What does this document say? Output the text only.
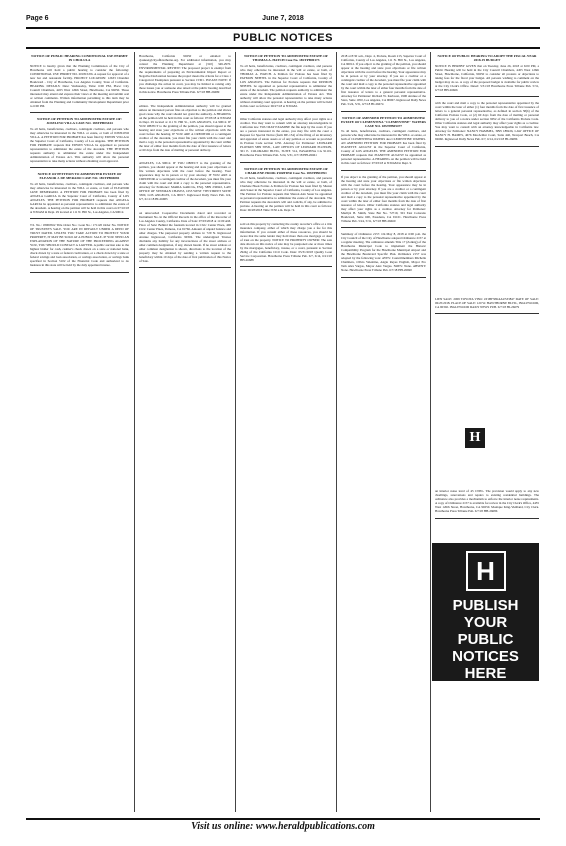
Page 6	June 7, 2018
PUBLIC NOTICES

NOTICE OF PUBLIC HEARING CONDITIONAL USE PERMIT IN CHOLULA

NOTICE is hereby given that the Planning Commission of the City of Hawthorne will hold a public hearing to consider the following: CONDITIONAL USE PERMIT NO. 2018CU06. A request for approval of a new bar and restaurant facility. PROJECT LOCATION: 12633 Chandler Boulevard - City of Hawthorne, Los Angeles County, State of California. HEARING DETAILS: Date: Wednesday, Time: 6:00 PM, Place: City Council Chambers, 4455 West 126th Street, Hawthorne, CA 90250. Those interested may attend and express their views at the meeting and submit oral or written comments. Written information pertaining to this item may be obtained from the Planning and Community Development Department prior to 6:00 PM.

NOTICE OF PETITION TO ADMINISTER ESTATE OF: JOSELINO VILLA CASE NO. 18STPB03444

To all heirs, beneficiaries, creditors, contingent creditors, and persons who may otherwise be interested in the WILL or estate, or both of JOSELINO VILLA. A PETITION FOR PROBATE has been filed by EDWIN VILLA in the Superior Court of California, County of Los Angeles. THE PETITION FOR PROBATE requests that EDWIN VILLA be appointed as personal representative to administer the estate of the decedent. THE PETITION requests authority to administer the estate under the Independent Administration of Estates Act. This authority will allow the personal representative to take many actions without obtaining court approval.

NOTICE OF PETITION TO ADMINISTER ESTATE OF ELEANOR J. DE MERADO CASE NO. 18STPB04081

To all heirs, beneficiaries, creditors, contingent creditors, and persons who may otherwise be interested in the WILL or estate, or both of ELEANOR JANE DEMERADO. A PETITION FOR PROBATE has been filed by ANGELA GARCIA in the Superior Court of California, County of LOS ANGELES. THE PETITION FOR PROBATE requests that ANGELA GARCIA be appointed as personal representative to administer the estate of the decedent. A hearing on the petition will be held in this court on 07/10/18 at 8:30AM in Dept. 29 located at 111 N. Hill St., Los Angeles, CA 90012.

T.S. No.: 18000562 Title Order No.: Loan No.: 171120 Order No. NOTICE OF TRUSTEE'S SALE. YOU ARE IN DEFAULT UNDER A DEED OF TRUST DATED. UNLESS YOU TAKE ACTION TO PROTECT YOUR PROPERTY, IT MAY BE SOLD AT A PUBLIC SALE. IF YOU NEED AN EXPLANATION OF THE NATURE OF THE PROCEEDING AGAINST YOU, YOU SHOULD CONTACT A LAWYER. A public auction sale to the highest bidder for cash, cashier's check drawn on a state or national bank, check drawn by a state or federal credit union, or a check drawn by a state or federal savings and loan association, or savings association, or savings bank specified in Section 5102 of the Financial Code and authorized to do business in this state will be held by the duly appointed trustee.

Hawthorne, California 90250 or emailed to cjaskeet@cityofhawthorne.org. For additional information, you may contact the Planning Department at (310) 349-2970. ENVIRONMENTAL REVIEW: The proposed project is exempt from the requirements of preparing an Environmental Impact Report or Negative Declaration because the project meets the criteria for a Class 1 Categorical Exemption pursuant to Section 15301. PLEASE NOTE: If you challenge the action in court, you may be limited to raising only those issues you or someone else raised at the public hearing described in this notice. Hawthorne Press Tribune Pub. 6/7/18 HH-26689

edition. The Independent Administration authority will be granted unless an interested person files an objection to the petition and shows good cause why the court should not grant the authority. A HEARING on the petition will be held in this court as follows: 07/03/18 at 8:30AM in Dept. 29 located at 111 N. Hill St., LOS ANGELES, CA 90012. IF YOU OBJECT to the granting of the petition, you should appear at the hearing and state your objections or file written objections with the court before the hearing. IF YOU ARE A CREDITOR or a contingent creditor of the decedent, you must file your claim with the court and mail a copy to the personal representative appointed by the court within the later of either four months from the date of first issuance of letters or 60 days from the date of mailing or personal delivery.

ANGELES, CA 90012. IF YOU OBJECT to the granting of the petition, you should appear at the hearing and state your objections or file written objections with the court before the hearing. Your appearance may be in person or by your attorney. IF YOU ARE A CREDITOR or a contingent creditor of the decedent, you must file your claim with the court and mail a copy to the personal representative. Attorney for Petitioner: MARIA GARCIA, ESQ. SBN 236922, LAW OFFICE OF STEEMAN CHAVEZ, 1055 WEST 7TH STREET SUITE 3300, LOS ANGELES, CA 90017. Inglewood Daily News Pub. 6/4, 6/7, 6/11/18 HI-26683

on unrecorded Cooperative Documents dated and recorded as Instrument No. in the Official Records in the office of the Recorder of Los Angeles County, California. Date of Sale: 07/03/2018 at 11:00 AM. Place of Sale: Behind the fountain located in Civic Center Plaza, 400 Civic Center Plaza, Pomona, CA 91766. Amount of unpaid balance and other charges. The purported property address is: 729 N. Inglewood Avenue Inglewood, California 90302. The undersigned Trustee disclaims any liability for any incorrectness of the street address or other common designation, if any, shown herein. If no street address or other common designation is shown, directions to the location of the property may be obtained by sending a written request to the beneficiary within 10 days of the date of first publication of this Notice of Sale.

NOTICE OF PETITION TO ADMINISTER ESTATE OF THOMAS A. HATCH Case No. 18STPB00173

To all heirs, beneficiaries, creditors, contingent creditors, and persons who may otherwise be interested in the will or estate, or both, of THOMAS A. HATCH. A Petition for Probate has been filed by PAYMON NEBTEL in the Superior Court of California, County of LOS ANGELES. The Petition for Probate requests that PAYMON NEBTEL be appointed as personal representative to administer the estate of the decedent. The petition requests authority to administer the estate under the Independent Administration of Estates Act. This authority will allow the personal representative to take many actions without obtaining court approval. A hearing on the petition will be held in this court as follows: 06/27/18 at 8:30AM.

Other California statutes and legal authority may affect your rights as a creditor. You may want to consult with an attorney knowledgeable in California law. YOU MAY EXAMINE the file kept by the court. If you are a person interested in the estate, you may file with the court a Request for Special Notice (form DE-154) of the filing of an inventory and appraisal of estate assets or of any petition or account as provided in Probate Code section 1250. Attorney for Petitioner: LEONARD PLOTKIN SBN 58531, LAW OFFICES OF LEONARD PLOTKIN, 301 E. COLORADO BLVD., SUITE 514, PASADENA CA 91101. Hawthorne Press Tribune Pub. 5/24, 5/31, 6/7/18 HH-26661

NOTICE OF PETITION TO ADMINISTER ESTATE OF CHARLENE HOOK FORTIER Case No. 18STPB04761

To all heirs, beneficiaries, creditors, contingent creditors, and persons who may otherwise be interested in the will or estate, or both, of Charlene Hook Fortier. A Petition for Probate has been filed by Sharon Ann Sauer in the Superior Court of California, County of Los Angeles. The Petition for Probate requests that Sharon Ann Sauer be appointed as personal representative to administer the estate of the decedent. The Petition requests the decedent's will and codicils, if any, be admitted to probate. A hearing on the petition will be held in this court as follows: Date: 06/28/2018 Time: 8:30 a.m. Dept.: 9.

sold on this property by contacting the county recorder's office or a title insurance company, either of which may charge you a fee for this information. If you consult either of these resources, you should be aware that the same lender may hold more than one mortgage or deed of trust on the property. NOTICE TO PROPERTY OWNER: The sale date shown on this notice of sale may be postponed one or more times by the mortgagee, beneficiary, trustee, or a court, pursuant to Section 2924g of the California Civil Code. Date: 05/31/2018 Quality Loan Service Corporation. Hawthorne Press Tribune Pub. 6/7, 6/14, 6/21/18 HH-26688

2018 at 8:30 a.m., Dept. 4, Probate, Room 213, Superior Court of California, County of Los Angeles, 111 N. Hill St., Los Angeles, CA 90012. If you object to the granting of the petition, you should appear at the hearing and state your objections or file written objections with the court before the hearing. Your appearance may be in person or by your attorney. If you are a creditor or a contingent creditor of the decedent, you must file your claim with the court and mail a copy to the personal representative appointed by the court within the later of either four months from the date of first issuance of letters to a general personal representative. Attorney for Petitioner: Richard W. Karlsson, 1900 Avenue of the Stars, Suite 1050, Los Angeles, CA 90067. Inglewood Daily News Pub. 5/24, 5/31, 6/7/18 HI-26674

NOTICE OF AMENDED PETITION TO ADMINISTER ESTATE OF CLEMENTINA "CLEMENTINE" WATERS CASE NO. 18STPB05477

To all heirs, beneficiaries, creditors, contingent creditors, and persons who may otherwise be interested in the WILL or estate, or both of CLEMENTINA WATERS aka CLEMENTINE WATERS. AN AMENDED PETITION FOR PROBATE has been filed by JEANETTE AUGUST in the Superior Court of California, County of LOS ANGELES. THE AMENDED PETITION FOR PROBATE requests that JEANETTE AUGUST be appointed as personal representative. A HEARING on the petition will be held in this court as follows: 07/03/18 at 8:30AM in Dept. 9.

If you object to the granting of the petition, you should appear at the hearing and state your objections or file written objections with the court before the hearing. Your appearance may be in person or by your attorney. If you are a creditor or a contingent creditor of the decedent, you must file your claim with the court and mail a copy to the personal representative appointed by the court within the later of either four months from the date of first issuance of letters. Other California statutes and legal authority may affect your rights as a creditor. Attorney for Petitioner: Marilyn B. Smith, State Bar No. 72719, 301 East Colorado Boulevard, Suite 600, Pasadena, CA 91101. Hawthorne Press Tribune Pub. 5/24, 5/31, 6/7/18 HH-26660

Summary of Ordinance 2157. On May 8, 2018 at 6:00 p.m. the City Council of the City of Hawthorne adopted Ordinance 2157 at a regular meeting. The ordinance amends Title 17 (Zoning) of the Hawthorne Municipal Code to implement the Historic Compatibility Program for the Hawthorne Municipal Airport and the Hawthorne Boulevard Specific Plan. Ordinance 2157 was adopted by the following vote: AYES: Councilmembers Michelle Chambers, Olivia Valentine, Angie Reyes English, Mayor Pro Tem Alex Vargas, Mayor Alex Vargas. NOES: None. ABSENT: None. Hawthorne Press Tribune Pub. 6/7/18 HH-26690

NOTICE OF PUBLIC HEARING TO ADOPT THE FISCAL YEAR 2018-19 BUDGET

NOTICE IS HEREBY GIVEN that on Tuesday, June 26, 2018 at 6:00 PM, a Public Hearing will be held in the City Council Chambers, 4455 West 126th Street, Hawthorne, California, 90250 to consider all protests or objections to taking fees for the fiscal year budget. All persons wishing to comment on the budget may do so. A copy of the proposed budget is available for public review at the City Clerk's Office. Dated: 5/31/18 Hawthorne Press Tribune Pub. 5/31, 6/7/18 HH-26666

with the court and mail a copy to the personal representative appointed by the court within the later of either (1) four months from the date of first issuance of letters to a general personal representative, as defined in section 58(b) of the California Probate Code, or (2) 60 days from the date of mailing or personal delivery to you of a notice under section 9052 of the California Probate Code. Other California statutes and legal authority may affect your rights as a creditor. You may want to consult with an attorney knowledgeable in California law. Attorney for Petitioner: NANCY HAMMEL, SBN 188226, LAW OFFICE OF NANCY H. HAMES, 4676 MacArthur Court, Suite 440, Newport Beach, CA 92660. Inglewood Daily News Pub. 6/7, 6/14, 6/21/18 HI-26686

LIEN SALE: 2009 TOYOTA VIN#: 4T1BF3EK4AU533847 DATE OF SALE: 06/25/2018. PLACE OF SALE: 120 W. HAWTHORNE BLVD., INGLEWOOD, CA 90302. INGLEWOOD DAILY NEWS PUB. 6/7/18 HI-26679

an interior noise level of 45 CNEL. The provision would apply to any new dwellings, renovations and repairs to existing residential buildings. The ordinance also provides a mechanism to enforce the interior noise requirements. A copy of Ordinance 2157 is available for review in the City Clerk's Office, 4455 West 126th Street, Hawthorne, CA 90250. Monique King-Viehland, City Clerk. Hawthorne Press Tribune Pub. 6/7/18 HH-26686

H
H
PUBLISH
YOUR
PUBLIC
NOTICES
HERE
Visit us online: www.heraldpublications.com
